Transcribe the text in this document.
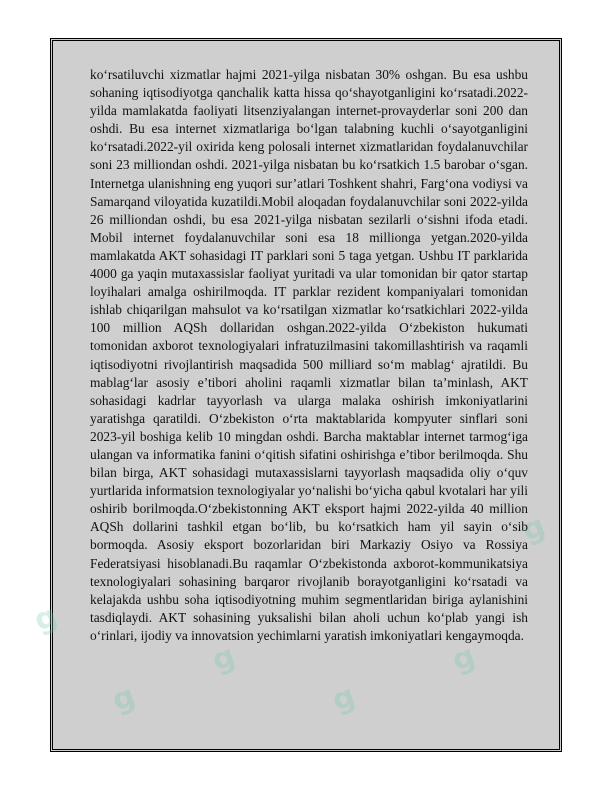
g
g
g
g
g
g

ko‘rsatiluvchi xizmatlar hajmi 2021-yilga nisbatan 30% oshgan. Bu esa ushbu sohaning iqtisodiyotga qanchalik katta hissa qo‘shayotganligini ko‘rsatadi.2022-yilda mamlakatda faoliyati litsenziyalangan internet-provayderlar soni 200 dan oshdi. Bu esa internet xizmatlariga bo‘lgan talabning kuchli o‘sayotganligini ko‘rsatadi.2022-yil oxirida keng polosali internet xizmatlaridan foydalanuvchilar soni 23 milliondan oshdi. 2021-yilga nisbatan bu ko‘rsatkich 1.5 barobar o‘sgan. Internetga ulanishning eng yuqori sur’atlari Toshkent shahri, Farg‘ona vodiysi va Samarqand viloyatida kuzatildi.Mobil aloqadan foydalanuvchilar soni 2022-yilda 26 milliondan oshdi, bu esa 2021-yilga nisbatan sezilarli o‘sishni ifoda etadi. Mobil internet foydalanuvchilar soni esa 18 millionga yetgan.2020-yilda mamlakatda AKT sohasidagi IT parklari soni 5 taga yetgan. Ushbu IT parklarida 4000 ga yaqin mutaxassislar faoliyat yuritadi va ular tomonidan bir qator startap loyihalari amalga oshirilmoqda. IT parklar rezident kompaniyalari tomonidan ishlab chiqarilgan mahsulot va ko‘rsatilgan xizmatlar ko‘rsatkichlari 2022-yilda 100 million AQSh dollaridan oshgan.2022-yilda O‘zbekiston hukumati tomonidan axborot texnologiyalari infratuzilmasini takomillashtirish va raqamli iqtisodiyotni rivojlantirish maqsadida 500 milliard so‘m mablag‘ ajratildi. Bu mablag‘lar asosiy e’tibori aholini raqamli xizmatlar bilan ta’minlash, AKT sohasidagi kadrlar tayyorlash va ularga malaka oshirish imkoniyatlarini yaratishga qaratildi. O‘zbekiston o‘rta maktablarida kompyuter sinflari soni 2023-yil boshiga kelib 10 mingdan oshdi. Barcha maktablar internet tarmog‘iga ulangan va informatika fanini o‘qitish sifatini oshirishga e’tibor berilmoqda. Shu bilan birga, AKT sohasidagi mutaxassislarni tayyorlash maqsadida oliy o‘quv yurtlarida informatsion texnologiyalar yo‘nalishi bo‘yicha qabul kvotalari har yili oshirib borilmoqda.O‘zbekistonning AKT eksport hajmi 2022-yilda 40 million AQSh dollarini tashkil etgan bo‘lib, bu ko‘rsatkich ham yil sayin o‘sib bormoqda. Asosiy eksport bozorlaridan biri Markaziy Osiyo va Rossiya Federatsiyasi hisoblanadi.Bu raqamlar O‘zbekistonda axborot-kommunikatsiya texnologiyalari sohasining barqaror rivojlanib borayotganligini ko‘rsatadi va kelajakda ushbu soha iqtisodiyotning muhim segmentlaridan biriga aylanishini tasdiqlaydi. AKT sohasining yuksalishi bilan aholi uchun ko‘plab yangi ish o‘rinlari, ijodiy va innovatsion yechimlarni yaratish imkoniyatlari kengaymoqda.
